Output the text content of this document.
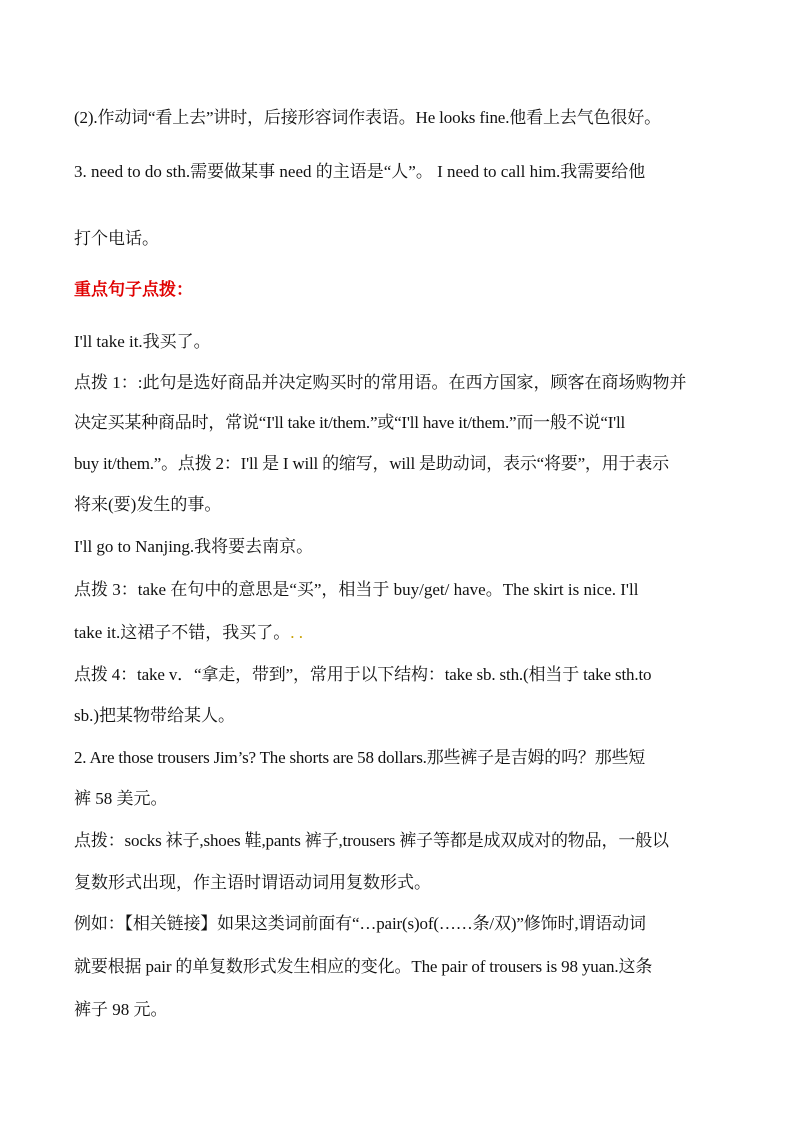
(2).作动词“看上去”讲时，后接形容词作表语。He looks fine.他看上去气色很好。
3. need to do sth.需要做某事 need 的主语是“人”。 I need to call him.我需要给他
打个电话。
重点句子点拨：
I'll take it.我买了。
点拨 1：:此句是选好商品并决定购买时的常用语。在西方国家，顾客在商场购物并
决定买某种商品时，常说“I'll take it/them.”或“I'll have it/them.”而一般不说“I'll
buy it/them.”。点拨 2：I'll 是 I will 的缩写，will 是助动词，表示“将要”，用于表示
将来(要)发生的事。
I'll go to Nanjing.我将要去南京。
点拨 3：take 在句中的意思是“买”，相当于 buy/get/ have。The skirt is nice. I'll
take it.这裙子不错，我买了。. .
点拨 4：take v．“拿走，带到”，常用于以下结构：take sb. sth.(相当于 take sth.to
sb.)把某物带给某人。
2. Are those trousers Jim’s? The shorts are 58 dollars.那些裤子是吉姆的吗？那些短
裤 58 美元。
点拨：socks 袜子,shoes 鞋,pants 裤子,trousers 裤子等都是成双成对的物品，一般以
复数形式出现，作主语时谓语动词用复数形式。
例如：【相关链接】如果这类词前面有“…pair(s)of(……条/双)”修饰时,谓语动词
就要根据 pair 的单复数形式发生相应的变化。The pair of trousers is 98 yuan.这条
裤子 98 元。
